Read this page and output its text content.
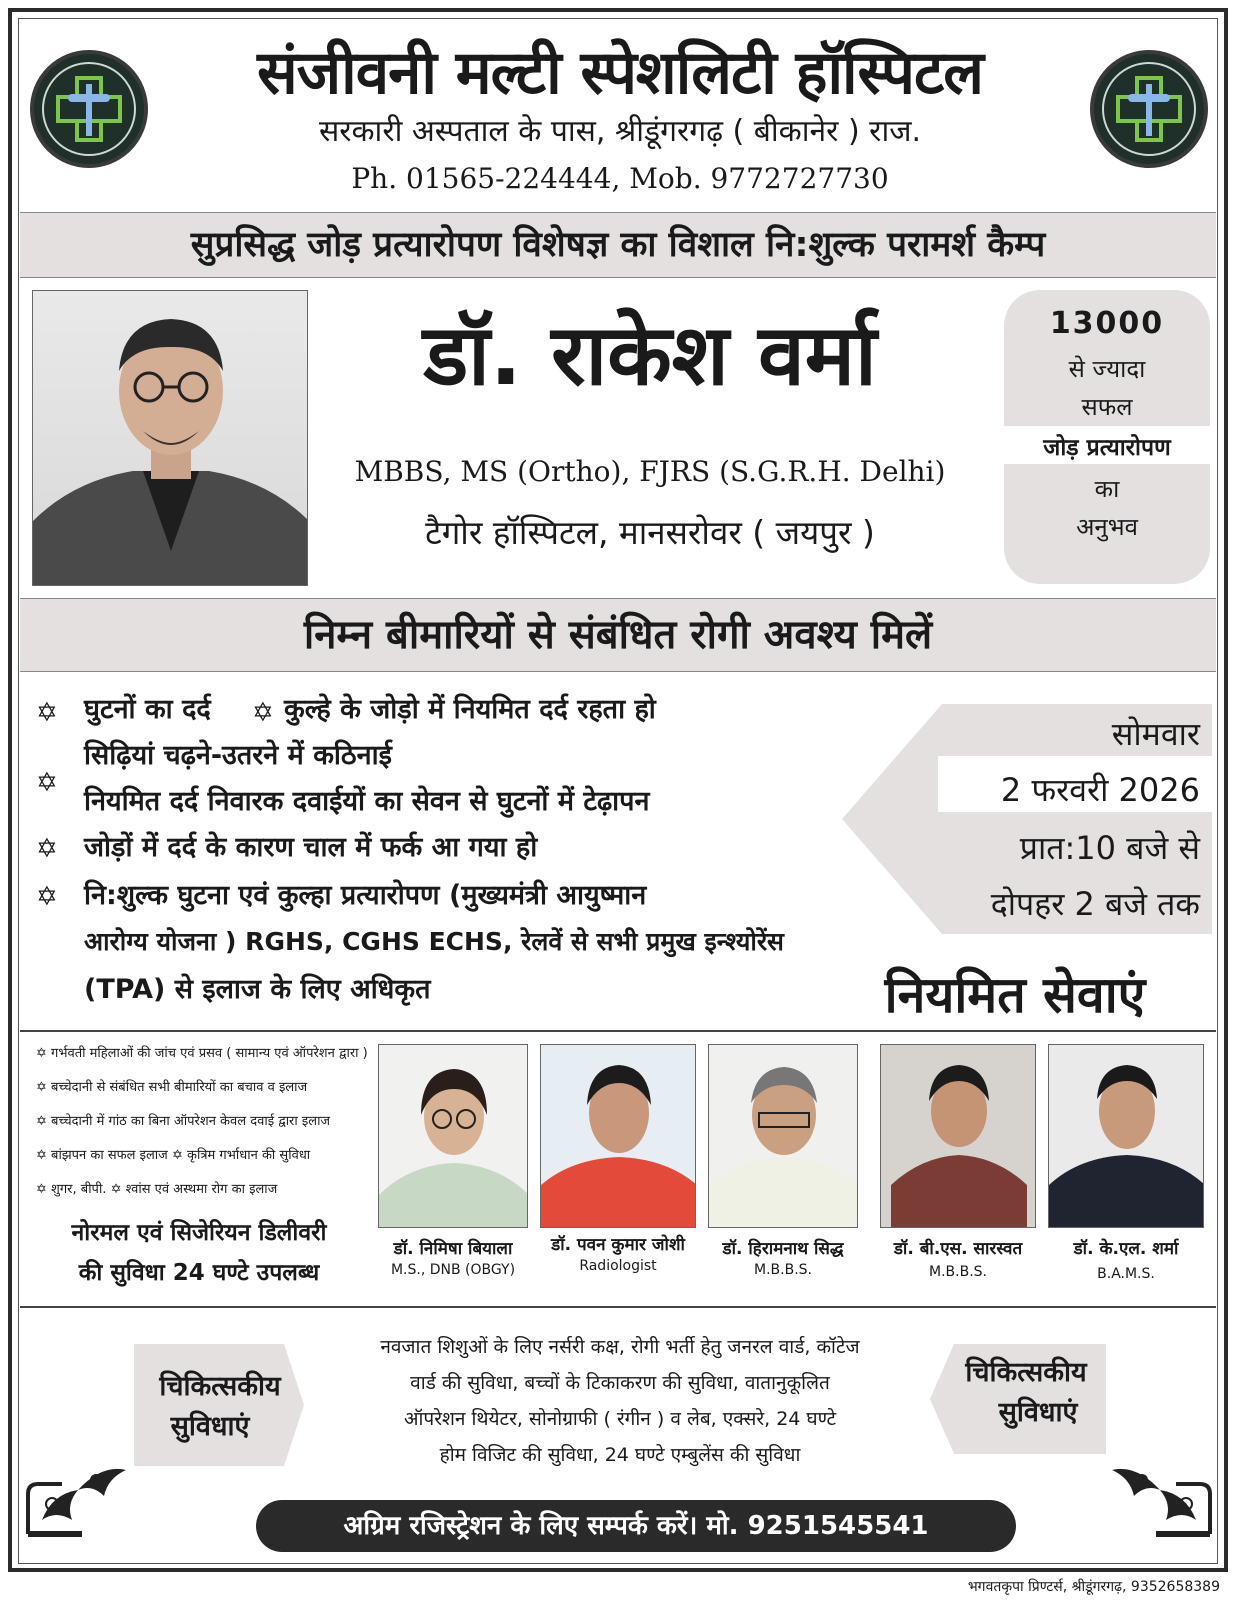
संजीवनी मल्टी स्पेशलिटी हॉस्पिटल
सरकारी अस्पताल के पास, श्रीडूंगरगढ़ ( बीकानेर ) राज.
Ph. 01565-224444, Mob. 9772727730
सुप्रसिद्ध जोड़ प्रत्यारोपण विशेषज्ञ का विशाल नि:शुल्क परामर्श कैम्प
डॉ. राकेश वर्मा
MBBS, MS (Ortho), FJRS (S.G.R.H. Delhi)
टैगोर हॉस्पिटल, मानसरोवर ( जयपुर )
13000
से ज्यादा
सफल
जोड़ प्रत्यारोपण
का
अनुभव
निम्न बीमारियों से संबंधित रोगी अवश्य मिलें
✡ घुटनों का दर्द ✡ कुल्हे के जोड़ो में नियमित दर्द रहता हो
सिढ़ियां चढ़ने-उतरने में कठिनाई
✡
नियमित दर्द निवारक दवाईयों का सेवन से घुटनों में टेढ़ापन
✡ जोड़ों में दर्द के कारण चाल में फर्क आ गया हो
✡ नि:शुल्क घुटना एवं कुल्हा प्रत्यारोपण (मुख्यमंत्री आयुष्मान
आरोग्य योजना ) RGHS, CGHS ECHS, रेलवें से सभी प्रमुख इन्श्योरेंस
(TPA) से इलाज के लिए अधिकृत
सोमवार
2 फरवरी 2026
प्रात:10 बजे से
दोपहर 2 बजे तक
नियमित सेवाएं
✡ गर्भवती महिलाओं की जांच एवं प्रसव ( सामान्य एवं ऑपरेशन द्वारा )
✡ बच्चेदानी से संबंधित सभी बीमारियों का बचाव व इलाज
✡ बच्चेदानी में गांठ का बिना ऑपरेशन केवल दवाई द्वारा इलाज
✡ बांझपन का सफल इलाज ✡ कृत्रिम गर्भाधान की सुविधा
✡ शुगर, बीपी. ✡ श्वांस एवं अस्थमा रोग का इलाज
नोरमल एवं सिजेरियन डिलीवरी
की सुविधा 24 घण्टे उपलब्ध
डॉ. निमिषा बियाला
M.S., DNB (OBGY)
डॉ. पवन कुमार जोशी
Radiologist
डॉ. हिरामनाथ सिद्ध
M.B.B.S.
डॉ. बी.एस. सारस्वत
M.B.B.S.
डॉ. के.एल. शर्मा
B.A.M.S.
चिकित्सकीय
सुविधाएं
चिकित्सकीय
सुविधाएं
नवजात शिशुओं के लिए नर्सरी कक्ष, रोगी भर्ती हेतु जनरल वार्ड, कॉटेज
वार्ड की सुविधा, बच्चों के टिकाकरण की सुविधा, वातानुकूलित
ऑपरेशन थियेटर, सोनोग्राफी ( रंगीन ) व लेब, एक्सरे, 24 घण्टे
होम विजिट की सुविधा, 24 घण्टे एम्बुलेंस की सुविधा
अग्रिम रजिस्ट्रेशन के लिए सम्पर्क करें। मो. 9251545541
भगवतकृपा प्रिण्टर्स, श्रीडूंगरगढ़, 9352658389
